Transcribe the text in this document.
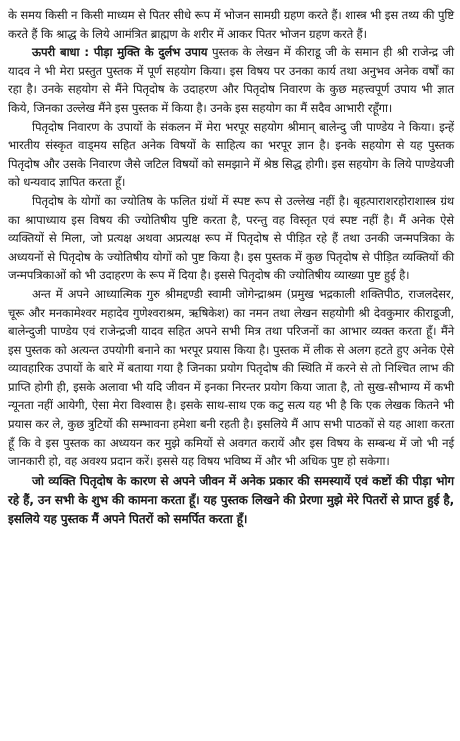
के समय किसी न किसी माध्यम से पितर सीधे रूप में भोजन सामग्री ग्रहण करते हैं। शास्त्र भी इस तथ्य की पुष्टि करते हैं कि श्राद्ध के लिये आमंत्रित ब्राह्मण के शरीर में आकर पितर भोजन ग्रहण करते हैं।

ऊपरी बाधा : पीड़ा मुक्ति के दुर्लभ उपाय पुस्तक के लेखन में कीराडू जी के समान ही श्री राजेन्द्र जी यादव ने भी मेरा प्रस्तुत पुस्तक में पूर्ण सहयोग किया। इस विषय पर उनका कार्य तथा अनुभव अनेक वर्षों का रहा है। उनके सहयोग से मैंने पितृदोष के उदाहरण और पितृदोष निवारण के कुछ महत्त्वपूर्ण उपाय भी ज्ञात किये, जिनका उल्लेख मैंने इस पुस्तक में किया है। उनके इस सहयोग का मैं सदैव आभारी रहूँगा।

पितृदोष निवारण के उपायों के संकलन में मेरा भरपूर सहयोग श्रीमान् बालेन्दु जी पाण्डेय ने किया। इन्हें भारतीय संस्कृत वाड्मय सहित अनेक विषयों के साहित्य का भरपूर ज्ञान है। इनके सहयोग से यह पुस्तक पितृदोष और उसके निवारण जैसे जटिल विषयों को समझाने में श्रेष्ठ सिद्ध होगी। इस सहयोग के लिये पाण्डेयजी को धन्यवाद ज्ञापित करता हूँ।

पितृदोष के योगों का ज्योतिष के फलित ग्रंथों में स्पष्ट रूप से उल्लेख नहीं है। बृहत्पाराशरहोराशास्त्र ग्रंथ का श्रापाध्याय इस विषय की ज्योतिषीय पुष्टि करता है, परन्तु वह विस्तृत एवं स्पष्ट नहीं है। मैं अनेक ऐसे व्यक्तियों से मिला, जो प्रत्यक्ष अथवा अप्रत्यक्ष रूप में पितृदोष से पीड़ित रहे हैं तथा उनकी जन्मपत्रिका के अध्ययनों से पितृदोष के ज्योतिषीय योगों को पुष्ट किया है। इस पुस्तक में कुछ पितृदोष से पीड़ित व्यक्तियों की जन्मपत्रिकाओं को भी उदाहरण के रूप में दिया है। इससे पितृदोष की ज्योतिषीय व्याख्या पुष्ट हुई है।

अन्त में अपने आध्यात्मिक गुरु श्रीमद्दण्डी स्वामी जोगेन्द्राश्रम (प्रमुख भद्रकाली शक्तिपीठ, राजलदेसर, चूरू और मनकामेश्वर महादेव गुणेश्वराश्रम, ऋषिकेश) का नमन तथा लेखन सहयोगी श्री देवकुमार कीराडूजी, बालेन्दुजी पाण्डेय एवं राजेन्द्रजी यादव सहित अपने सभी मित्र तथा परिजनों का आभार व्यक्त करता हूँ। मैंने इस पुस्तक को अत्यन्त उपयोगी बनाने का भरपूर प्रयास किया है। पुस्तक में लीक से अलग हटते हुए अनेक ऐसे व्यावहारिक उपायों के बारे में बताया गया है जिनका प्रयोग पितृदोष की स्थिति में करने से तो निश्चित लाभ की प्राप्ति होगी ही, इसके अलावा भी यदि जीवन में इनका निरन्तर प्रयोग किया जाता है, तो सुख-सौभाग्य में कभी न्यूनता नहीं आयेगी, ऐसा मेरा विश्वास है। इसके साथ-साथ एक कटु सत्य यह भी है कि एक लेखक कितने भी प्रयास कर ले, कुछ त्रुटियों की सम्भावना हमेशा बनी रहती है। इसलिये मैं आप सभी पाठकों से यह आशा करता हूँ कि वे इस पुस्तक का अध्ययन कर मुझे कमियों से अवगत करायें और इस विषय के सम्बन्ध में जो भी नई जानकारी हो, वह अवश्य प्रदान करें। इससे यह विषय भविष्य में और भी अधिक पुष्ट हो सकेगा।

जो व्यक्ति पितृदोष के कारण से अपने जीवन में अनेक प्रकार की समस्यायें एवं कष्टों की पीड़ा भोग रहे हैं, उन सभी के शुभ की कामना करता हूँ। यह पुस्तक लिखने की प्रेरणा मुझे मेरे पितरों से प्राप्त हुई है, इसलिये यह पुस्तक मैं अपने पितरों को समर्पित करता हूँ।
